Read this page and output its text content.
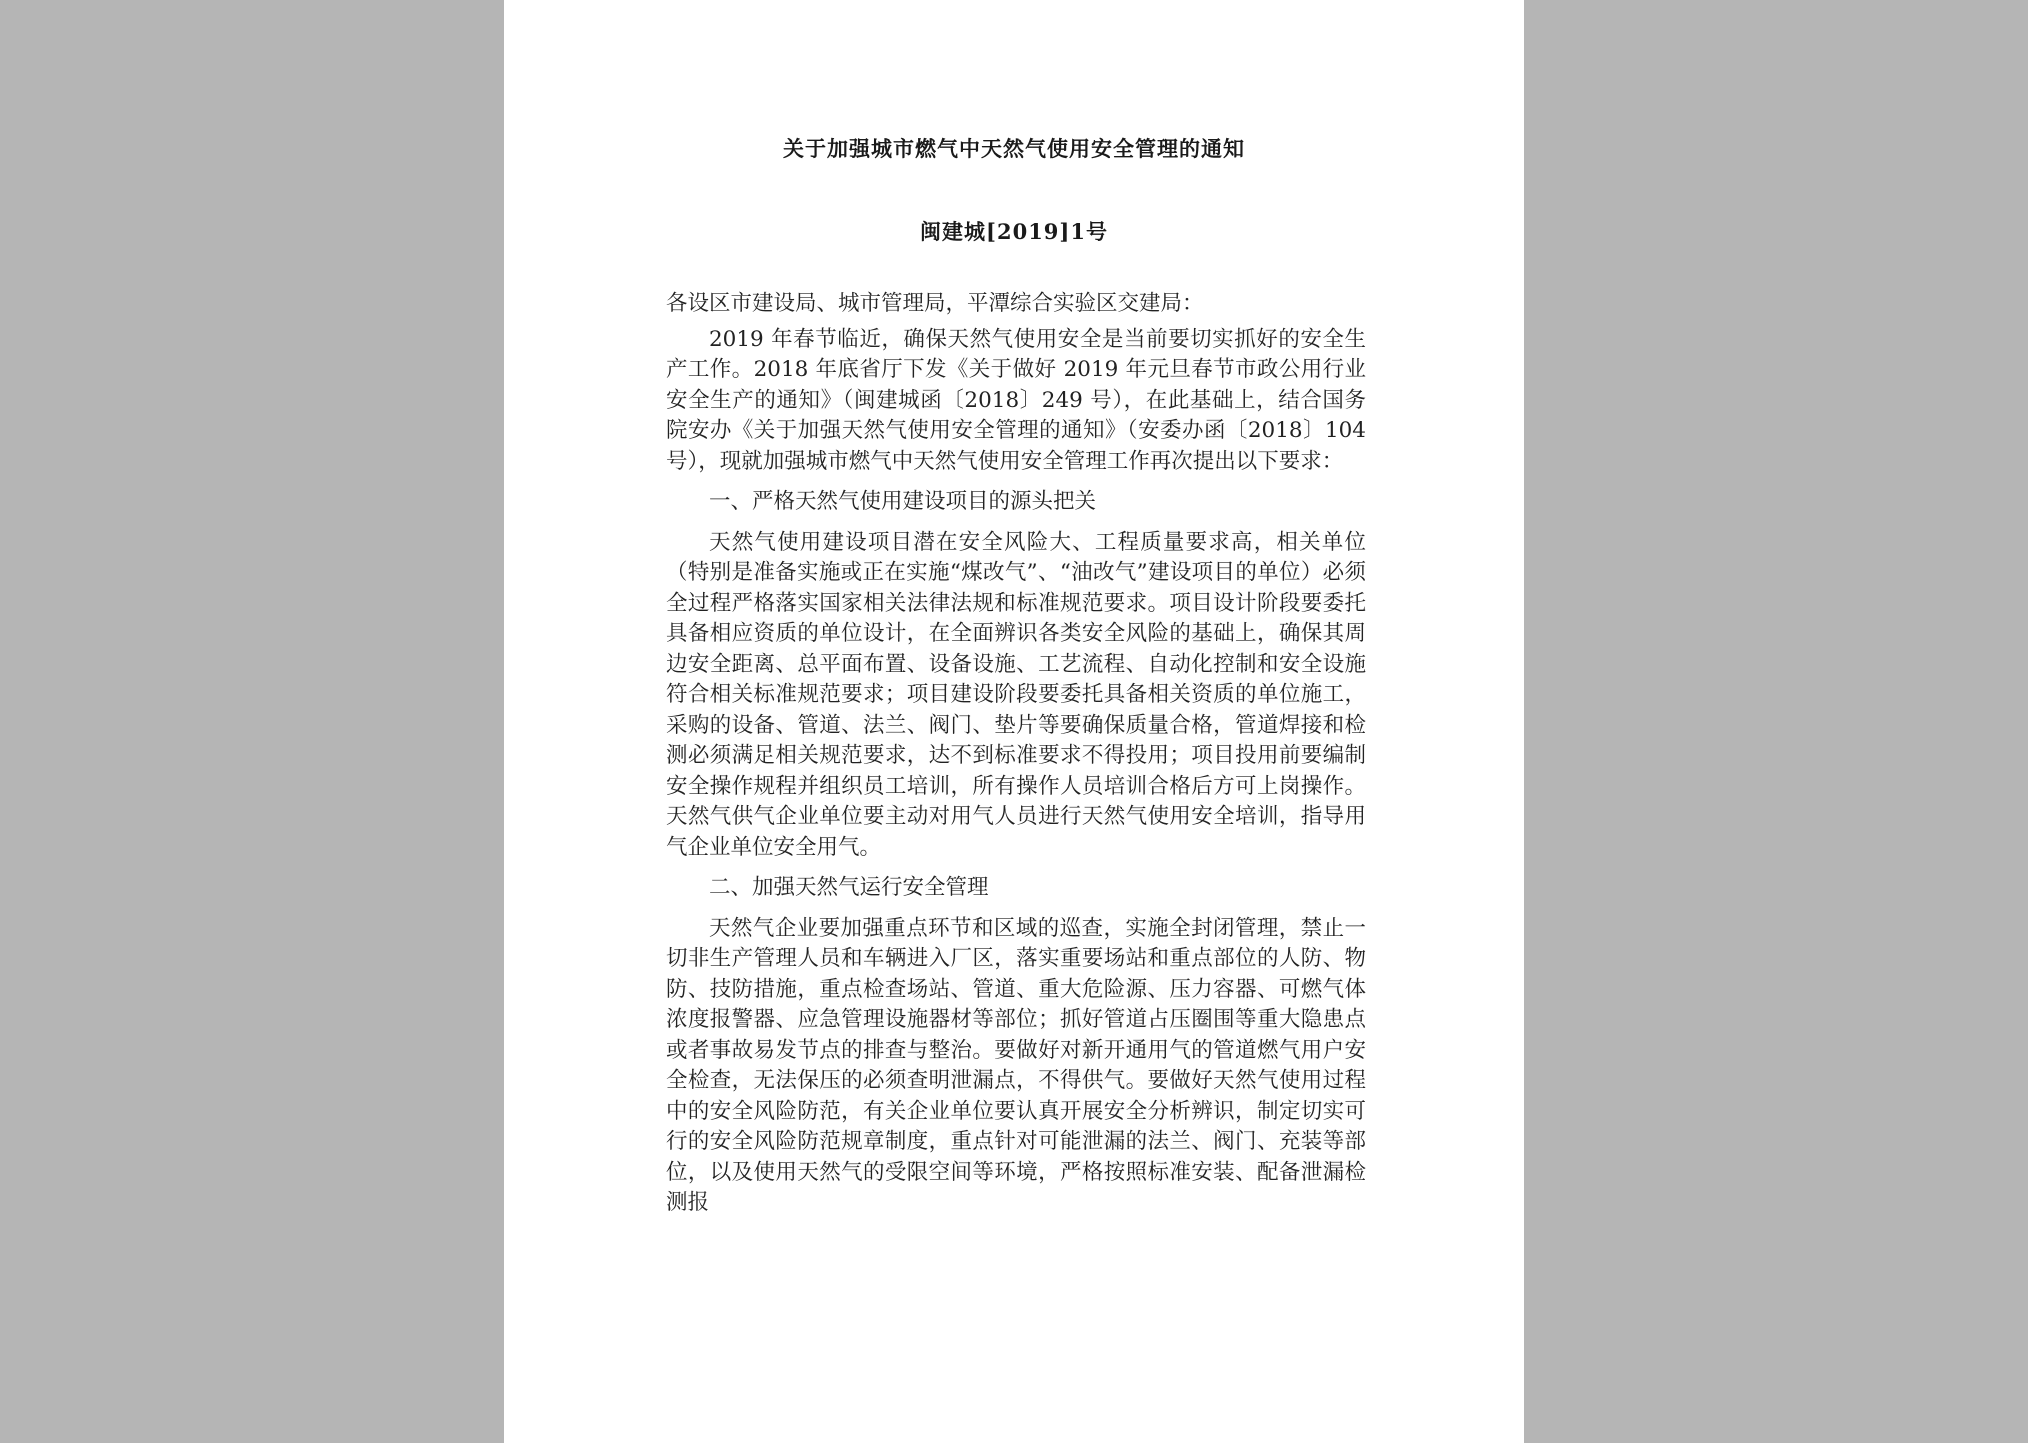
关于加强城市燃气中天然气使用安全管理的通知
闽建城[2019]1号

各设区市建设局、城市管理局，平潭综合实验区交建局：

2019 年春节临近，确保天然气使用安全是当前要切实抓好的安全生产工作。2018 年底省厅下发《关于做好 2019 年元旦春节市政公用行业安全生产的通知》（闽建城函〔2018〕249 号），在此基础上，结合国务院安办《关于加强天然气使用安全管理的通知》（安委办函〔2018〕104 号），现就加强城市燃气中天然气使用安全管理工作再次提出以下要求：

一、严格天然气使用建设项目的源头把关

天然气使用建设项目潜在安全风险大、工程质量要求高，相关单位（特别是准备实施或正在实施“煤改气”、“油改气”建设项目的单位）必须全过程严格落实国家相关法律法规和标准规范要求。项目设计阶段要委托具备相应资质的单位设计，在全面辨识各类安全风险的基础上，确保其周边安全距离、总平面布置、设备设施、工艺流程、自动化控制和安全设施符合相关标准规范要求；项目建设阶段要委托具备相关资质的单位施工，采购的设备、管道、法兰、阀门、垫片等要确保质量合格，管道焊接和检测必须满足相关规范要求，达不到标准要求不得投用；项目投用前要编制安全操作规程并组织员工培训，所有操作人员培训合格后方可上岗操作。天然气供气企业单位要主动对用气人员进行天然气使用安全培训，指导用气企业单位安全用气。

二、加强天然气运行安全管理

天然气企业要加强重点环节和区域的巡查，实施全封闭管理，禁止一切非生产管理人员和车辆进入厂区，落实重要场站和重点部位的人防、物防、技防措施，重点检查场站、管道、重大危险源、压力容器、可燃气体浓度报警器、应急管理设施器材等部位；抓好管道占压圈围等重大隐患点或者事故易发节点的排查与整治。要做好对新开通用气的管道燃气用户安全检查，无法保压的必须查明泄漏点，不得供气。要做好天然气使用过程中的安全风险防范，有关企业单位要认真开展安全分析辨识，制定切实可行的安全风险防范规章制度，重点针对可能泄漏的法兰、阀门、充装等部位，以及使用天然气的受限空间等环境，严格按照标准安装、配备泄漏检测报
